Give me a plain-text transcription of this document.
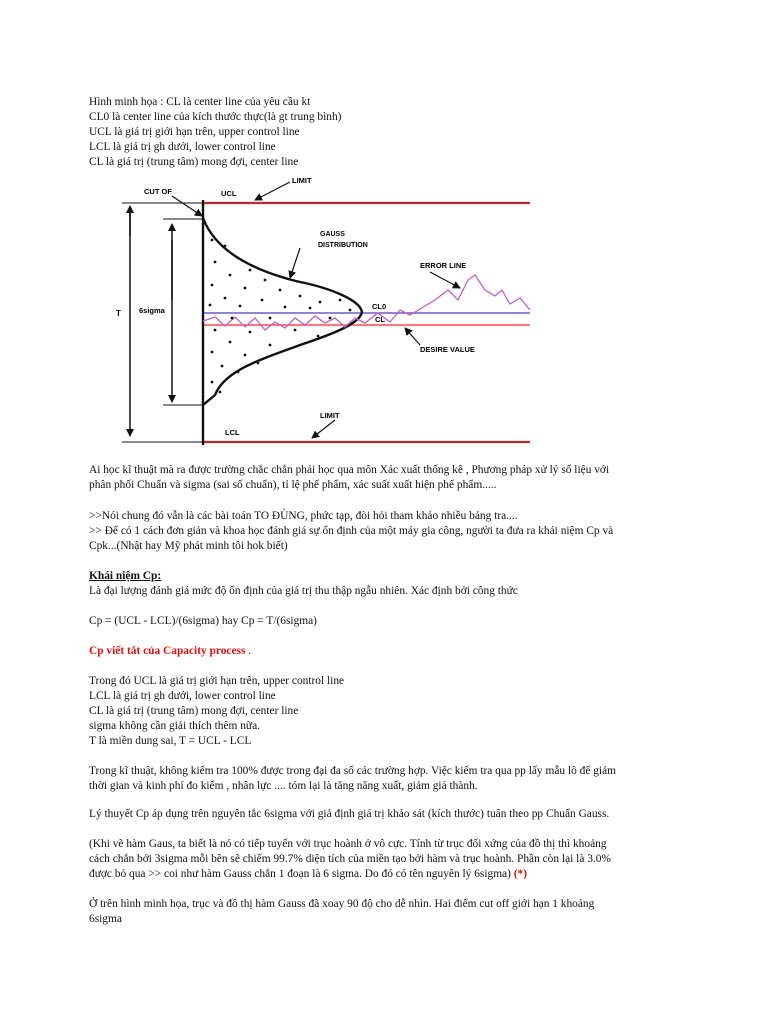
Hình minh họa : CL là center line của yêu cầu kt
CL0 là center line của kích thước thực(là gt trung bình)
UCL là giá trị giới hạn trên, upper control line
LCL là giá trị gh dưới, lower control line
CL là giá trị (trung tâm) mong đợi, center line
LIMIT
CUT OF	UCL
GAUSS
DISTRIBUTION
ERROR LINE
T 6sigma	CL0
CL
DESIRE VALUE
LIMIT
LCL
Ai học kĩ thuật mà ra được trường chắc chắn phải học qua môn Xác xuất thống kê , Phương pháp xử lý số liệu với
phân phối Chuẩn và sigma (sai số chuẩn), tỉ lệ phế phẩm, xác suất xuất hiện phế phẩm.....
>>Nói chung đó vẫn là các bài toán TO ĐÙNG, phức tạp, đòi hỏi tham khảo nhiều bảng tra....
>> Để có 1 cách đơn giản và khoa học đánh giá sự ổn định của một máy gia công, người ta đưa ra khái niệm Cp và
Cpk...(Nhật hay Mỹ phát minh tôi hok biết)
Khái niệm Cp:
Là đại lượng đánh giá mức độ ổn định của giá trị thu thập ngẫu nhiên. Xác định bởi công thức
Cp = (UCL - LCL)/(6sigma) hay Cp = T/(6sigma)
Cp viết tắt của Capacity process .
Trong đó UCL là giá trị giới hạn trên, upper control line
LCL là giá trị gh dưới, lower control line
CL là giá trị (trung tâm) mong đợi, center line
sigma không cần giải thích thêm nữa.
T là miền dung sai, T = UCL - LCL
Trong kĩ thuật, không kiểm tra 100% được trong đại đa số các trường hợp. Việc kiểm tra qua pp lấy mẫu lô để giảm
thời gian và kinh phí đo kiểm , nhân lực .... tóm lại là tăng năng xuất, giảm giá thành.
Lý thuyết Cp áp dụng trên nguyên tắc 6sigma với giả định giá trị khảo sát (kích thước) tuân theo pp Chuẩn Gauss.
(Khi vẽ hàm Gaus, ta biết là nó có tiếp tuyến với trục hoành ở vô cực. Tính từ trục đối xứng của đồ thị thì khoảng
cách chắn bởi 3sigma mỗi bên sẽ chiếm 99.7% diện tích của miền tạo bởi hàm và trục hoành. Phần còn lại là 3.0%
được bỏ qua >> coi như hàm Gauss chắn 1 đoạn là 6 sigma. Do đó có tên nguyên lý 6sigma) (*)
Ở trên hình minh họa, trục và đồ thị hàm Gauss đã xoay 90 độ cho dễ nhìn. Hai điểm cut off giới hạn 1 khoảng
6sigma
